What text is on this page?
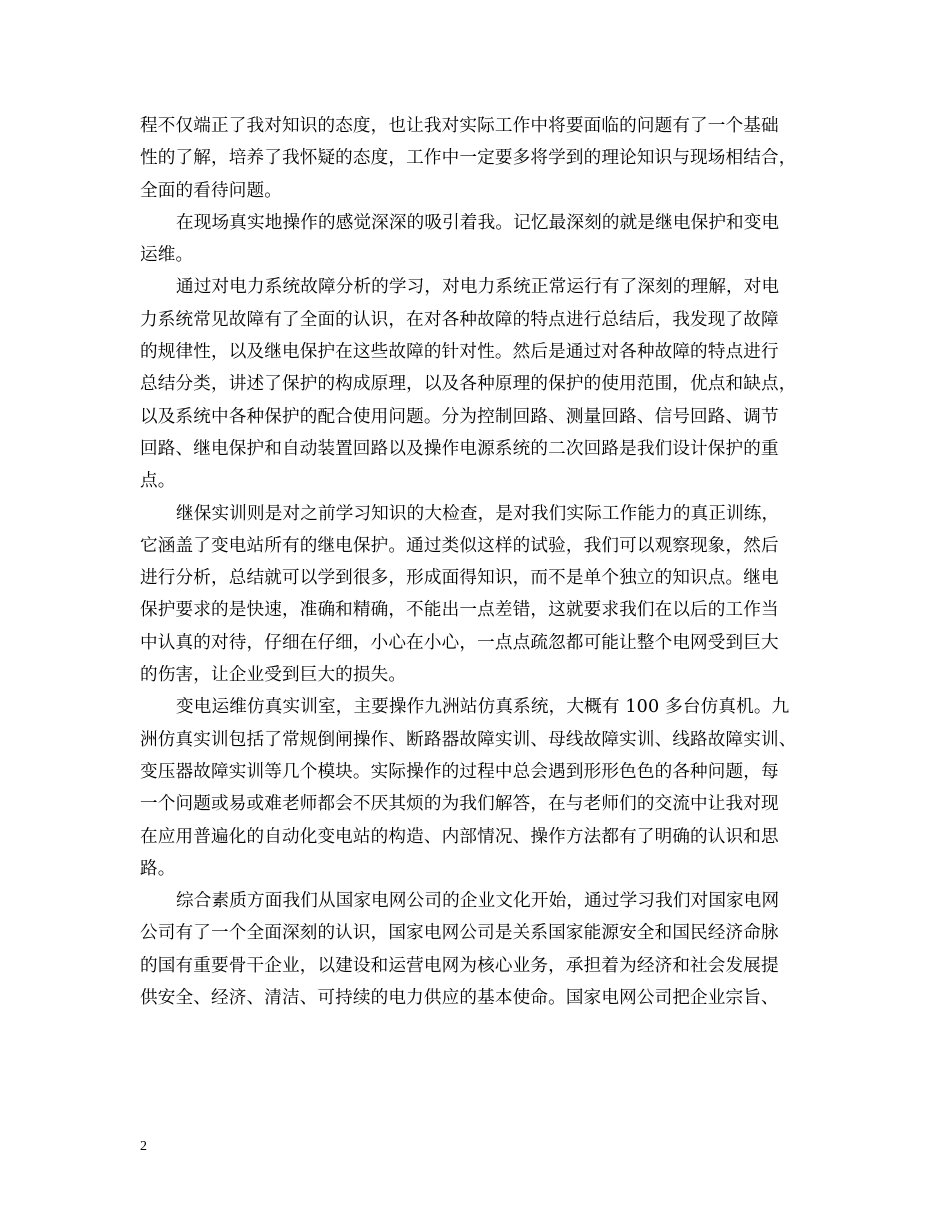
程不仅端正了我对知识的态度，也让我对实际工作中将要面临的问题有了一个基础
性的了解，培养了我怀疑的态度，工作中一定要多将学到的理论知识与现场相结合，
全面的看待问题。
在现场真实地操作的感觉深深的吸引着我。记忆最深刻的就是继电保护和变电
运维。
通过对电力系统故障分析的学习，对电力系统正常运行有了深刻的理解，对电
力系统常见故障有了全面的认识，在对各种故障的特点进行总结后，我发现了故障
的规律性，以及继电保护在这些故障的针对性。然后是通过对各种故障的特点进行
总结分类，讲述了保护的构成原理，以及各种原理的保护的使用范围，优点和缺点，
以及系统中各种保护的配合使用问题。分为控制回路、测量回路、信号回路、调节
回路、继电保护和自动装置回路以及操作电源系统的二次回路是我们设计保护的重
点。
继保实训则是对之前学习知识的大检查，是对我们实际工作能力的真正训练，
它涵盖了变电站所有的继电保护。通过类似这样的试验，我们可以观察现象，然后
进行分析，总结就可以学到很多，形成面得知识，而不是单个独立的知识点。继电
保护要求的是快速，准确和精确，不能出一点差错，这就要求我们在以后的工作当
中认真的对待，仔细在仔细，小心在小心，一点点疏忽都可能让整个电网受到巨大
的伤害，让企业受到巨大的损失。
变电运维仿真实训室，主要操作九洲站仿真系统，大概有 100 多台仿真机。九
洲仿真实训包括了常规倒闸操作、断路器故障实训、母线故障实训、线路故障实训、
变压器故障实训等几个模块。实际操作的过程中总会遇到形形色色的各种问题，每
一个问题或易或难老师都会不厌其烦的为我们解答，在与老师们的交流中让我对现
在应用普遍化的自动化变电站的构造、内部情况、操作方法都有了明确的认识和思
路。
综合素质方面我们从国家电网公司的企业文化开始，通过学习我们对国家电网
公司有了一个全面深刻的认识，国家电网公司是关系国家能源安全和国民经济命脉
的国有重要骨干企业，以建设和运营电网为核心业务，承担着为经济和社会发展提
供安全、经济、清洁、可持续的电力供应的基本使命。国家电网公司把企业宗旨、
2
